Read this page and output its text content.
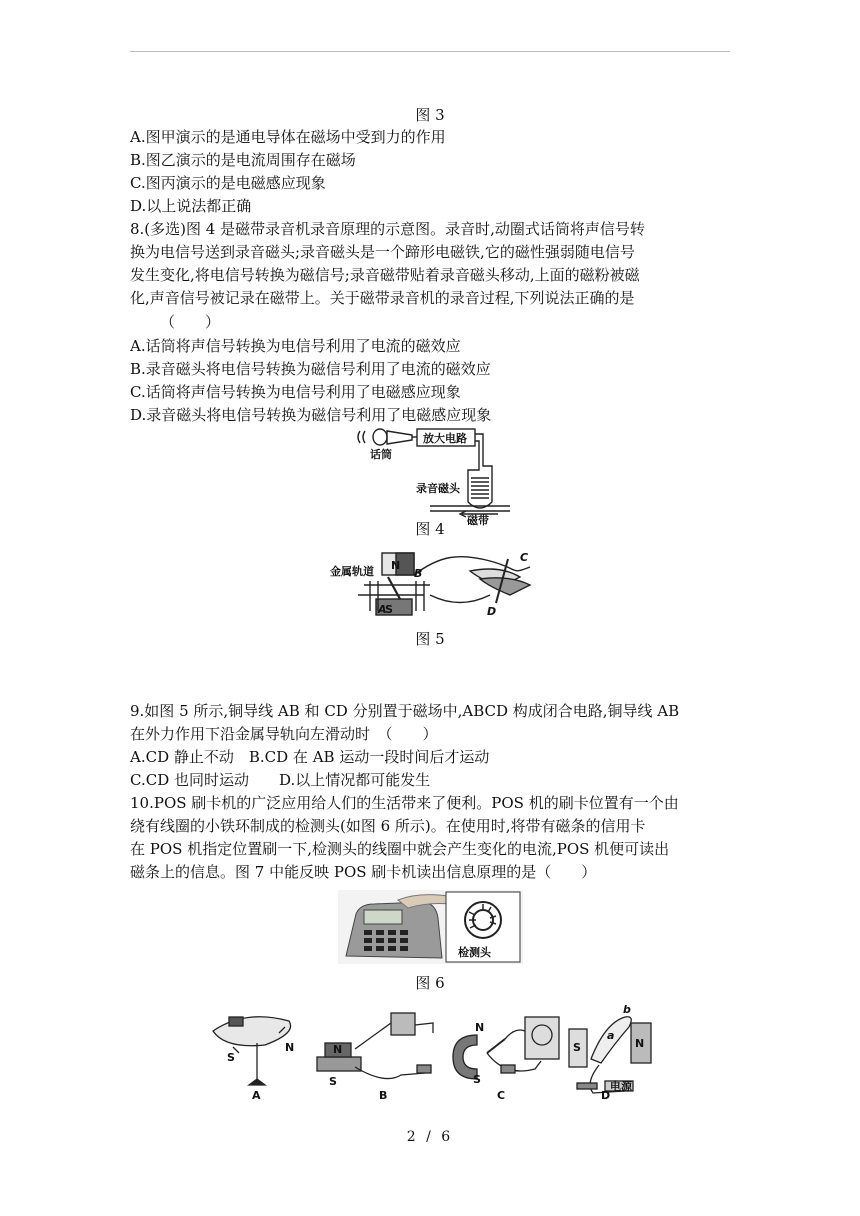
图 3
A.图甲演示的是通电导体在磁场中受到力的作用
B.图乙演示的是电流周围存在磁场
C.图丙演示的是电磁感应现象
D.以上说法都正确
8.(多选)图 4 是磁带录音机录音原理的示意图。录音时,动圈式话筒将声信号转
换为电信号送到录音磁头;录音磁头是一个蹄形电磁铁,它的磁性强弱随电信号
发生变化,将电信号转换为磁信号;录音磁带贴着录音磁头移动,上面的磁粉被磁
化,声音信号被记录在磁带上。关于磁带录音机的录音过程,下列说法正确的是
（　　）
A.话筒将声信号转换为电信号利用了电流的磁效应
B.录音磁头将电信号转换为磁信号利用了电流的磁效应
C.话筒将声信号转换为电信号利用了电磁感应现象
D.录音磁头将电信号转换为磁信号利用了电磁感应现象
话筒
放大电路
录音磁头
磁带
图 4
金属轨道 N
S
A
B
C
D
图 5
9.如图 5 所示,铜导线 AB 和 CD 分别置于磁场中,ABCD 构成闭合电路,铜导线 AB
在外力作用下沿金属导轨向左滑动时　（　　）
A.CD 静止不动　B.CD 在 AB 运动一段时间后才运动
C.CD 也同时运动　　D.以上情况都可能发生
10.POS 刷卡机的广泛应用给人们的生活带来了便利。POS 机的刷卡位置有一个由
绕有线圈的小铁环制成的检测头(如图 6 所示)。在使用时,将带有磁条的信用卡
在 POS 机指定位置刷一下,检测头的线圈中就会产生变化的电流,POS 机便可读出
磁条上的信息。图 7 中能反映 POS 刷卡机读出信息原理的是（　　）
检测头
图 6
S
N	N
S
N
S
S	N
a
b
电源
A	B	C	D
2 / 6
